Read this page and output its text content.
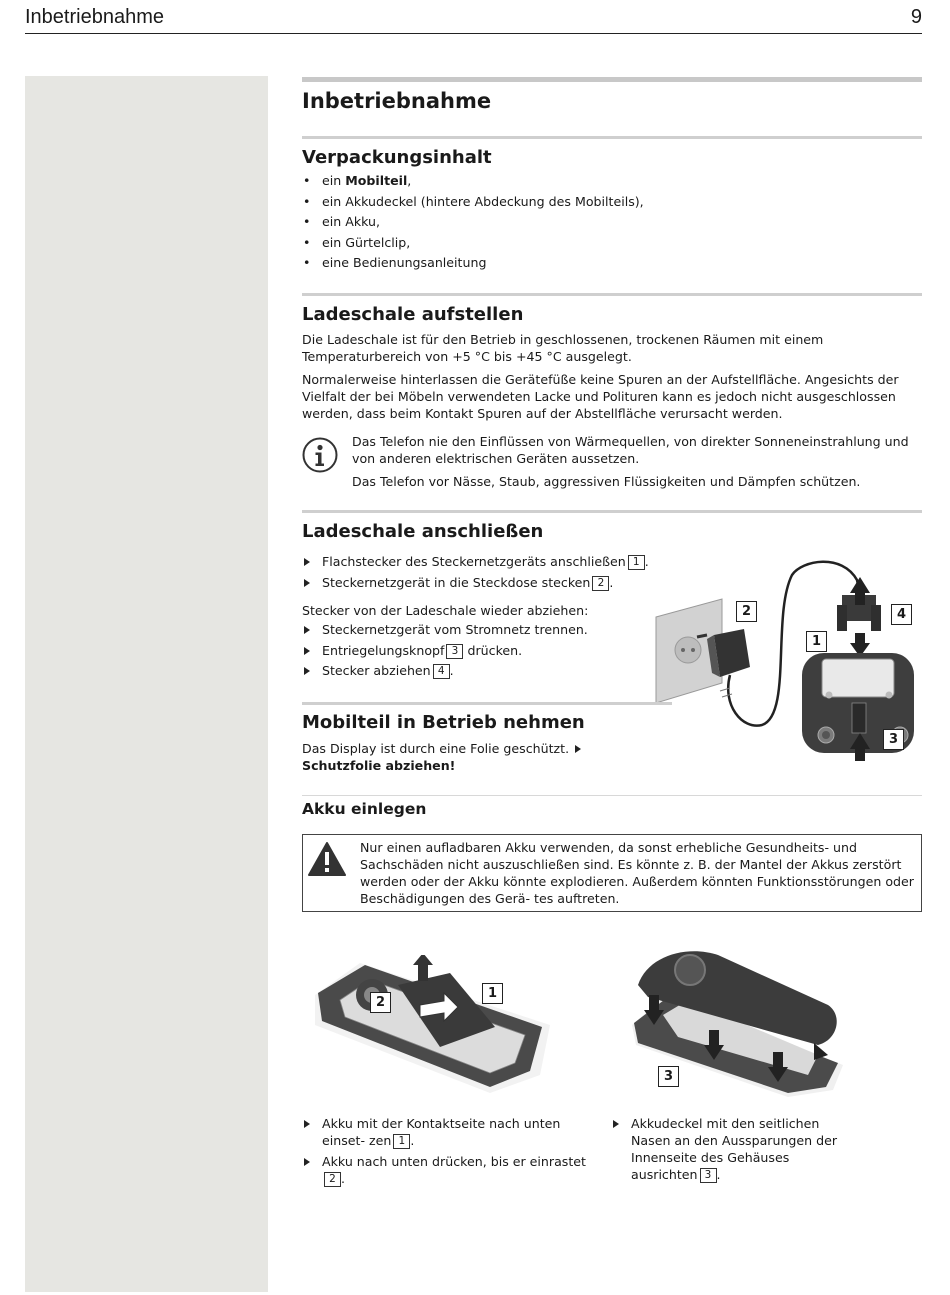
Inbetriebnahme	9
Inbetriebnahme
Verpackungsinhalt
• ein Mobilteil,
• ein Akkudeckel (hintere Abdeckung des Mobilteils),
• ein Akku,
• ein Gürtelclip,
• eine Bedienungsanleitung
Ladeschale aufstellen
Die Ladeschale ist für den Betrieb in geschlossenen, trockenen Räumen mit einem Temperaturbereich von +5 °C bis +45 °C ausgelegt.
Normalerweise hinterlassen die Gerätefüße keine Spuren an der Aufstellfläche. Angesichts der Vielfalt der bei Möbeln verwendeten Lacke und Polituren kann es jedoch nicht ausgeschlossen werden, dass beim Kontakt Spuren auf der Abstellfläche verursacht werden.
Das Telefon nie den Einflüssen von Wärmequellen, von direkter Sonneneinstrahlung und von anderen elektrischen Geräten aussetzen.
Das Telefon vor Nässe, Staub, aggressiven Flüssigkeiten und Dämpfen schützen.
Ladeschale anschließen
Flachstecker des Steckernetzgeräts anschließen 1 .
Steckernetzgerät in die Steckdose stecken 2 .
Stecker von der Ladeschale wieder abziehen:
Steckernetzgerät vom Stromnetz trennen.
Entriegelungsknopf 3 drücken.
Stecker abziehen 4 .
2
1
4
3
Mobilteil in Betrieb nehmen
Das Display ist durch eine Folie geschützt.  Schutzfolie abziehen!
Akku einlegen
Nur einen aufladbaren Akku verwenden, da sonst erhebliche Gesundheits- und Sachschäden nicht auszuschließen sind. Es könnte z. B. der Mantel der Akkus zerstört werden oder der Akku könnte explodieren. Außerdem könnten Funktionsstörungen oder Beschädigungen des Gerä- tes auftreten.
1
2
3
Akku mit der Kontaktseite nach unten einset- zen 1 .
Akku nach unten drücken, bis er einrastet2 .
Akkudeckel mit den seitlichen Nasen an den Aussparungen der Innenseite des Gehäuses ausrichten 3 .
